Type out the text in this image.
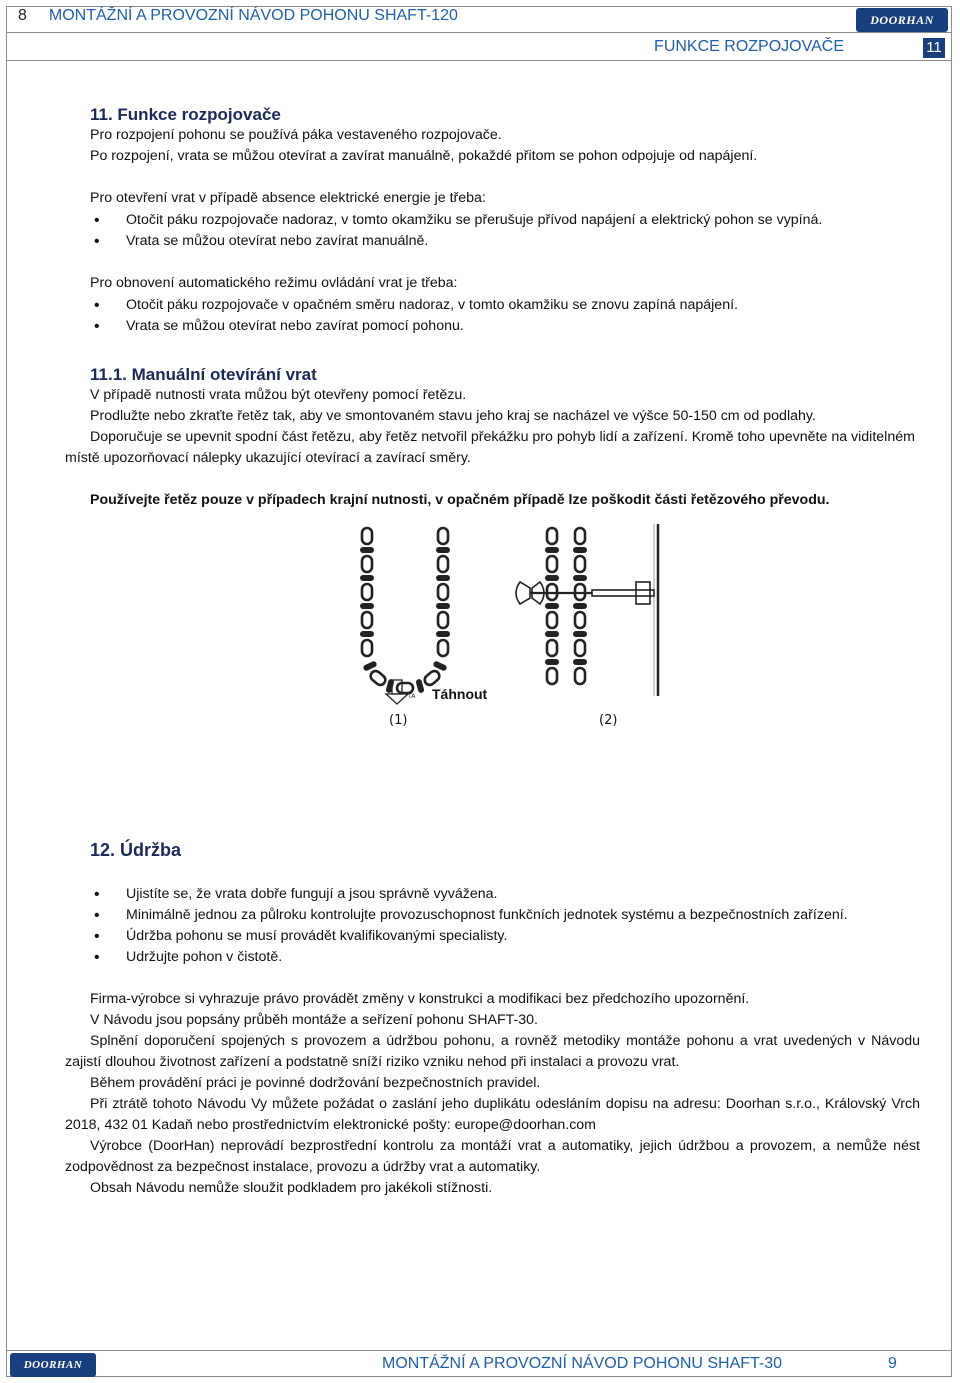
8 MONTÁŽNÍ A PROVOZNÍ NÁVOD POHONU SHAFT-120	DOORHAN
FUNKCE ROZPOJOVAČE	11
11. Funkce rozpojovače

Pro rozpojení pohonu se používá páka vestaveného rozpojovače.

Po rozpojení, vrata se můžou otevírat a zavírat manuálně, pokaždé přitom se pohon odpojuje od napájení.

Pro otevření vrat v případě absence elektrické energie je třeba:

• Otočit páku rozpojovače nadoraz, v tomto okamžiku se přerušuje přívod napájení a elektrický pohon se vypíná.
• Vrata se můžou otevírat nebo zavírat manuálně.

Pro obnovení automatického režimu ovládání vrat je třeba:

• Otočit páku rozpojovače v opačném směru nadoraz, v tomto okamžiku se znovu zapíná napájení.
• Vrata se můžou otevírat nebo zavírat pomocí pohonu.
11.1. Manuální otevírání vrat

V případě nutnosti vrata můžou být otevřeny pomocí řetězu.

Prodlužte nebo zkraťte řetěz tak, aby ve smontovaném stavu jeho kraj se nacházel ve výšce 50-150 cm od podlahy.

Doporučuje se upevnit spodní část řetězu, aby řetěz netvořil překážku pro pohyb lidí a zařízení. Kromě toho upevněte na viditelném místě upozorňovací nálepky ukazující otevírací a zavírací směry.

Používejte řetěz pouze v případech krajní nutnosti, v opačném případě lze poškodit části řetězového převodu.

TA Táhnout
(1)	(2)
12. Údržba
• Ujistíte se, že vrata dobře fungují a jsou správně vyvážena.
• Minimálně jednou za půlroku kontrolujte provozuschopnost funkčních jednotek systému a bezpečnostních zařízení.
• Údržba pohonu se musí provádět kvalifikovanými specialisty.
• Udržujte pohon v čistotě.

Firma-výrobce si vyhrazuje právo provádět změny v konstrukci a modifikaci bez předchozího upozornění.

V Návodu jsou popsány průběh montáže a seřízení pohonu SHAFT-30.

Splnění doporučení spojených s provozem a údržbou pohonu, a rovněž metodiky montáže pohonu a vrat uvedených v Návodu zajistí dlouhou životnost zařízení a podstatně sníží riziko vzniku nehod při instalaci a provozu vrat.

Během provádění práci je povinné dodržování bezpečnostních pravidel.

Při ztrátě tohoto Návodu Vy můžete požádat o zaslání jeho duplikátu odesláním dopisu na adresu: Doorhan s.r.o., Královský Vrch 2018, 432 01 Kadaň nebo prostřednictvím elektronické pošty: europe@doorhan.com

Výrobce (DoorHan) neprovádí bezprostřední kontrolu za montáží vrat a automatiky, jejich údržbou a provozem, a nemůže nést zodpovědnost za bezpečnost instalace, provozu a údržby vrat a automatiky.

Obsah Návodu nemůže sloužit podkladem pro jakékoli stížnosti.

DOORHAN	MONTÁŽNÍ A PROVOZNÍ NÁVOD POHONU SHAFT-30	9
